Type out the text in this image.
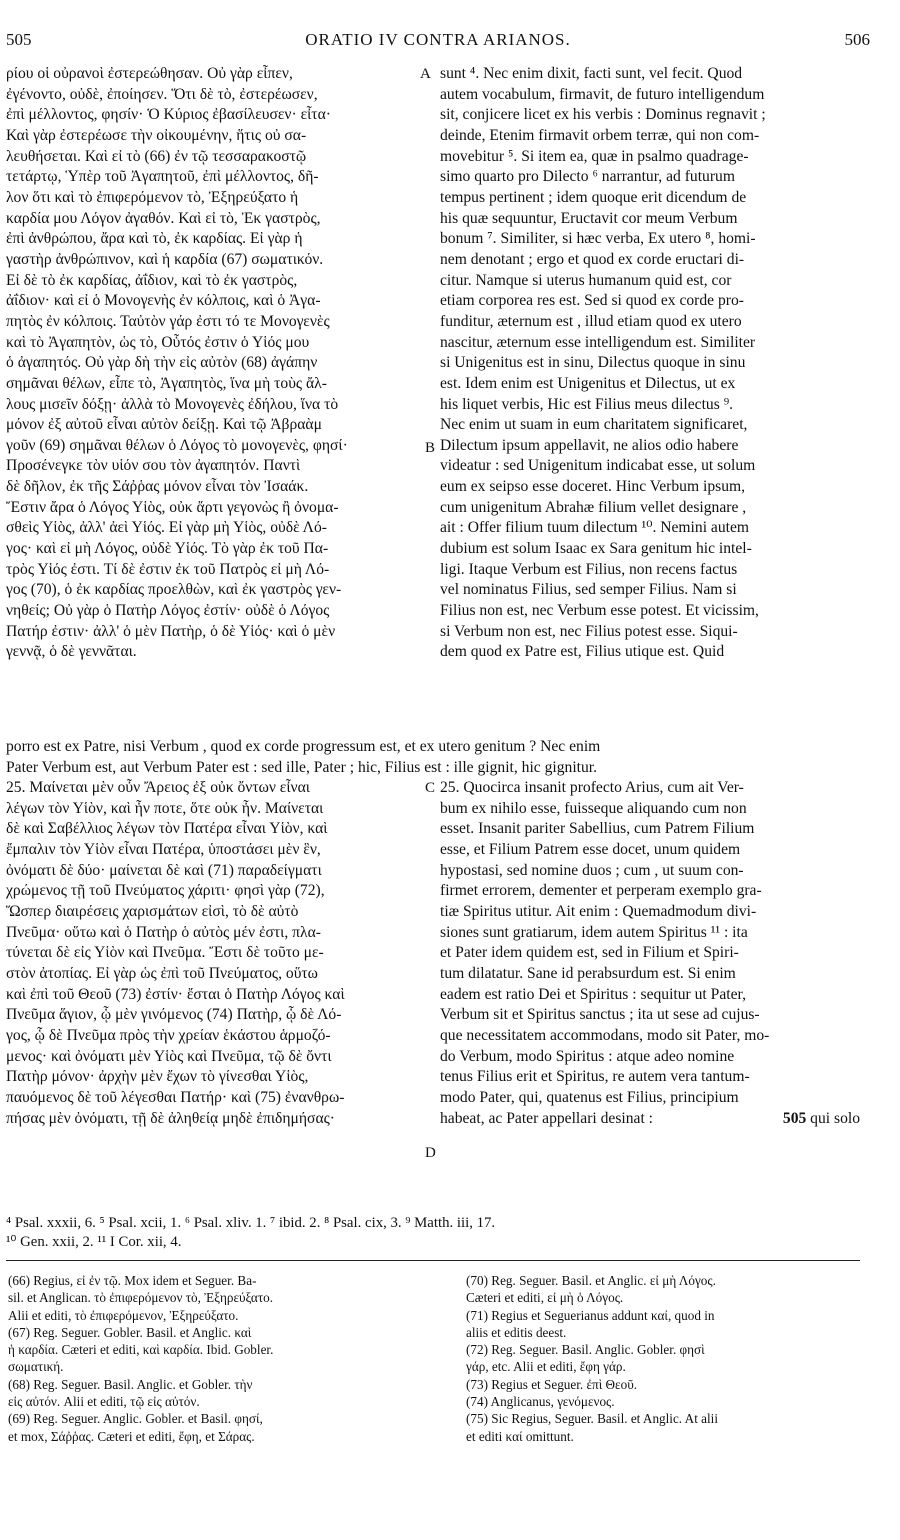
505	ORATIO IV CONTRA ARIANOS.	506
A
B
C
D
ρίου οἱ οὐρανοὶ ἐστερεώθησαν. Οὐ γὰρ εἶπεν,
ἐγένοντο, οὐδὲ, ἐποίησεν. Ὅτι δὲ τὸ, ἐστερέωσεν,
ἐπὶ μέλλοντος, φησίν· Ὁ Κύριος ἐβασίλευσεν· εἶτα·
Καὶ γὰρ ἐστερέωσε τὴν οἰκουμένην, ἥτις οὐ σα-
λευθήσεται. Καὶ εἰ τὸ (66) ἐν τῷ τεσσαρακοστῷ
τετάρτῳ, Ὑπὲρ τοῦ Ἀγαπητοῦ, ἐπὶ μέλλοντος, δῆ-
λον ὅτι καὶ τὸ ἐπιφερόμενον τὸ, Ἐξηρεύξατο ἡ
καρδία μου Λόγον ἀγαθόν. Καὶ εἰ τὸ, Ἐκ γαστρὸς,
ἐπὶ ἀνθρώπου, ἄρα καὶ τὸ, ἐκ καρδίας. Εἰ γὰρ ἡ
γαστὴρ ἀνθρώπινον, καὶ ἡ καρδία (67) σωματικόν.
Εἰ δὲ τὸ ἐκ καρδίας, ἀΐδιον, καὶ τὸ ἐκ γαστρὸς,
ἀΐδιον· καὶ εἰ ὁ Μονογενὴς ἐν κόλποις, καὶ ὁ Ἀγα-
πητὸς ἐν κόλποις. Ταὐτὸν γάρ ἐστι τό τε Μονογενὲς
καὶ τὸ Ἀγαπητὸν, ὡς τὸ, Οὗτός ἐστιν ὁ Υἱός μου
ὁ ἀγαπητός. Οὐ γὰρ δὴ τὴν εἰς αὐτὸν (68) ἀγάπην
σημᾶναι θέλων, εἶπε τὸ, Ἀγαπητὸς, ἵνα μὴ τοὺς ἄλ-
λους μισεῖν δόξῃ· ἀλλὰ τὸ Μονογενὲς ἐδήλου, ἵνα τὸ
μόνον ἐξ αὐτοῦ εἶναι αὐτὸν δείξῃ. Καὶ τῷ Ἀβραὰμ
γοῦν (69) σημᾶναι θέλων ὁ Λόγος τὸ μονογενὲς, φησί·
Προσένεγκε τὸν υἱόν σου τὸν ἀγαπητόν. Παντὶ
δὲ δῆλον, ἐκ τῆς Σάῤῥας μόνον εἶναι τὸν Ἰσαάκ.
Ἔστιν ἄρα ὁ Λόγος Υἱὸς, οὐκ ἄρτι γεγονὼς ἢ ὀνομα-
σθεὶς Υἱὸς, ἀλλ' ἀεὶ Υἱός. Εἰ γὰρ μὴ Υἱὸς, οὐδὲ Λό-
γος· καὶ εἰ μὴ Λόγος, οὐδὲ Υἱός. Τὸ γὰρ ἐκ τοῦ Πα-
τρὸς Υἱός ἐστι. Τί δὲ ἐστιν ἐκ τοῦ Πατρὸς εἰ μὴ Λό-
γος (70), ὁ ἐκ καρδίας προελθὼν, καὶ ἐκ γαστρὸς γεν-
νηθείς; Οὐ γὰρ ὁ Πατὴρ Λόγος ἐστίν· οὐδὲ ὁ Λόγος
Πατήρ ἐστιν· ἀλλ' ὁ μὲν Πατὴρ, ὁ δὲ Υἱός· καὶ ὁ μὲν
γεννᾷ, ὁ δὲ γεννᾶται.
sunt ⁴. Nec enim dixit, facti sunt, vel fecit. Quod
autem vocabulum, firmavit, de futuro intelligendum
sit, conjicere licet ex his verbis : Dominus regnavit ;
deinde, Etenim firmavit orbem terræ, qui non com-
movebitur ⁵. Si item ea, quæ in psalmo quadrage-
simo quarto pro Dilecto ⁶ narrantur, ad futurum
tempus pertinent ; idem quoque erit dicendum de
his quæ sequuntur, Eructavit cor meum Verbum
bonum ⁷. Similiter, si hæc verba, Ex utero ⁸, homi-
nem denotant ; ergo et quod ex corde eructari di-
citur. Namque si uterus humanum quid est, cor
etiam corporea res est. Sed si quod ex corde pro-
funditur, æternum est , illud etiam quod ex utero
nascitur, æternum esse intelligendum est. Similiter
si Unigenitus est in sinu, Dilectus quoque in sinu
est. Idem enim est Unigenitus et Dilectus, ut ex
his liquet verbis, Hic est Filius meus dilectus ⁹.
Nec enim ut suam in eum charitatem significaret,
Dilectum ipsum appellavit, ne alios odio habere
videatur : sed Unigenitum indicabat esse, ut solum
eum ex seipso esse doceret. Hinc Verbum ipsum,
cum unigenitum Abrahæ filium vellet designare ,
ait : Offer filium tuum dilectum ¹⁰. Nemini autem
dubium est solum Isaac ex Sara genitum hic intel-
ligi. Itaque Verbum est Filius, non recens factus
vel nominatus Filius, sed semper Filius. Nam si
Filius non est, nec Verbum esse potest. Et vicissim,
si Verbum non est, nec Filius potest esse. Siqui-
dem quod ex Patre est, Filius utique est. Quid
porro est ex Patre, nisi Verbum , quod ex corde progressum est, et ex utero genitum ? Nec enim
Pater Verbum est, aut Verbum Pater est : sed ille, Pater ; hic, Filius est : ille gignit, hic gignitur.
25. Μαίνεται μὲν οὖν Ἄρειος ἐξ οὐκ ὄντων εἶναι
λέγων τὸν Υἱὸν, καὶ ἦν ποτε, ὅτε οὐκ ἦν. Μαίνεται
δὲ καὶ Σαβέλλιος λέγων τὸν Πατέρα εἶναι Υἱὸν, καὶ
ἔμπαλιν τὸν Υἱὸν εἶναι Πατέρα, ὑποστάσει μὲν ἓν,
ὀνόματι δὲ δύο· μαίνεται δὲ καὶ (71) παραδείγματι
χρώμενος τῇ τοῦ Πνεύματος χάριτι· φησὶ γὰρ (72),
Ὥσπερ διαιρέσεις χαρισμάτων εἰσὶ, τὸ δὲ αὐτὸ
Πνεῦμα· οὕτω καὶ ὁ Πατὴρ ὁ αὐτὸς μέν ἐστι, πλα-
τύνεται δὲ εἰς Υἱὸν καὶ Πνεῦμα. Ἔστι δὲ τοῦτο με-
στὸν ἀτοπίας. Εἰ γὰρ ὡς ἐπὶ τοῦ Πνεύματος, οὕτω
καὶ ἐπὶ τοῦ Θεοῦ (73) ἐστίν· ἔσται ὁ Πατὴρ Λόγος καὶ
Πνεῦμα ἅγιον, ᾧ μὲν γινόμενος (74) Πατὴρ, ᾧ δὲ Λό-
γος, ᾧ δὲ Πνεῦμα πρὸς τὴν χρείαν ἑκάστου ἁρμοζό-
μενος· καὶ ὀνόματι μὲν Υἱὸς καὶ Πνεῦμα, τῷ δὲ ὄντι
Πατὴρ μόνον· ἀρχὴν μὲν ἔχων τὸ γίνεσθαι Υἱὸς,
παυόμενος δὲ τοῦ λέγεσθαι Πατήρ· καὶ (75) ἐνανθρω-
πήσας μὲν ὀνόματι, τῇ δὲ ἀληθείᾳ μηδὲ ἐπιδημήσας·
25. Quocirca insanit profecto Arius, cum ait Ver-
bum ex nihilo esse, fuisseque aliquando cum non
esset. Insanit pariter Sabellius, cum Patrem Filium
esse, et Filium Patrem esse docet, unum quidem
hypostasi, sed nomine duos ; cum , ut suum con-
firmet errorem, dementer et perperam exemplo gra-
tiæ Spiritus utitur. Ait enim : Quemadmodum divi-
siones sunt gratiarum, idem autem Spiritus ¹¹ : ita
et Pater idem quidem est, sed in Filium et Spiri-
tum dilatatur. Sane id perabsurdum est. Si enim
eadem est ratio Dei et Spiritus : sequitur ut Pater,
Verbum sit et Spiritus sanctus ; ita ut sese ad cujus-
que necessitatem accommodans, modo sit Pater, mo-
do Verbum, modo Spiritus : atque adeo nomine
tenus Filius erit et Spiritus, re autem vera tantum-
modo Pater, qui, quatenus est Filius, principium
habeat, ac Pater appellari desinat :	505 qui solo
⁴ Psal. xxxii, 6. ⁵ Psal. xcii, 1. ⁶ Psal. xliv. 1. ⁷ ibid. 2. ⁸ Psal. cix, 3. ⁹ Matth. iii, 17.
¹⁰ Gen. xxii, 2. ¹¹ I Cor. xii, 4.
(66) Regius, εἰ ἐν τῷ. Mox idem et Seguer. Ba-
sil. et Anglican. τὸ ἐπιφερόμενον τὸ, Ἐξηρεύξατο.
Alii et editi, τὸ ἐπιφερόμενον, Ἐξηρεύξατο.
(67) Reg. Seguer. Gobler. Basil. et Anglic. καὶ
ἡ καρδία. Cæteri et editi, καὶ καρδία. Ibid. Gobler.
σωματική.
(68) Reg. Seguer. Basil. Anglic. et Gobler. τὴν
εἰς αὐτόν. Alii et editi, τῷ εἰς αὐτόν.
(69) Reg. Seguer. Anglic. Gobler. et Basil. φησί,
et mox, Σάῤῥας. Cæteri et editi, ἔφη, et Σάρας.
(70) Reg. Seguer. Basil. et Anglic. εἰ μὴ Λόγος.
Cæteri et editi, εἰ μὴ ὁ Λόγος.
(71) Regius et Seguerianus addunt καί, quod in
aliis et editis deest.
(72) Reg. Seguer. Basil. Anglic. Gobler. φησὶ
γάρ, etc. Alii et editi, ἔφη γάρ.
(73) Regius et Seguer. ἐπὶ Θεοῦ.
(74) Anglicanus, γενόμενος.
(75) Sic Regius, Seguer. Basil. et Anglic. At alii
et editi καί omittunt.
